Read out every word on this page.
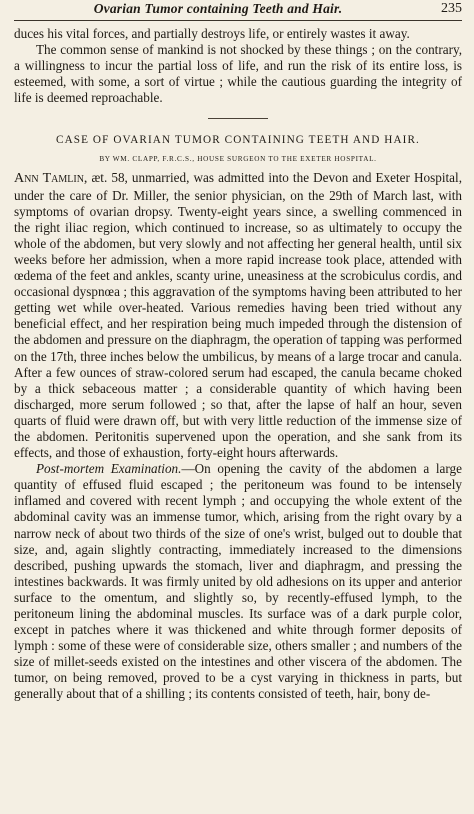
Ovarian Tumor containing Teeth and Hair.	235

duces his vital forces, and partially destroys life, or entirely wastes it away.

The common sense of mankind is not shocked by these things ; on the contrary, a willingness to incur the partial loss of life, and run the risk of its entire loss, is esteemed, with some, a sort of virtue ; while the cautious guarding the integrity of life is deemed reproachable.

CASE OF OVARIAN TUMOR CONTAINING TEETH AND HAIR.
BY WM. CLAPP, F.R.C.S., HOUSE SURGEON TO THE EXETER HOSPITAL.

Ann Tamlin, æt. 58, unmarried, was admitted into the Devon and Exeter Hospital, under the care of Dr. Miller, the senior physician, on the 29th of March last, with symptoms of ovarian dropsy. Twenty-eight years since, a swelling commenced in the right iliac region, which continued to increase, so as ultimately to occupy the whole of the abdomen, but very slowly and not affecting her general health, until six weeks before her admission, when a more rapid increase took place, attended with œdema of the feet and ankles, scanty urine, uneasiness at the scrobiculus cordis, and occasional dyspnœa ; this aggravation of the symptoms having been attributed to her getting wet while over-heated. Various remedies having been tried without any beneficial effect, and her respiration being much impeded through the distension of the abdomen and pressure on the diaphragm, the operation of tapping was performed on the 17th, three inches below the umbilicus, by means of a large trocar and canula. After a few ounces of straw-colored serum had escaped, the canula became choked by a thick sebaceous matter ; a considerable quantity of which having been discharged, more serum followed ; so that, after the lapse of half an hour, seven quarts of fluid were drawn off, but with very little reduction of the immense size of the abdomen. Peritonitis supervened upon the operation, and she sank from its effects, and those of exhaustion, forty-eight hours afterwards.

Post-mortem Examination.—On opening the cavity of the abdomen a large quantity of effused fluid escaped ; the peritoneum was found to be intensely inflamed and covered with recent lymph ; and occupying the whole extent of the abdominal cavity was an immense tumor, which, arising from the right ovary by a narrow neck of about two thirds of the size of one's wrist, bulged out to double that size, and, again slightly contracting, immediately increased to the dimensions described, pushing upwards the stomach, liver and diaphragm, and pressing the intestines backwards. It was firmly united by old adhesions on its upper and anterior surface to the omentum, and slightly so, by recently-effused lymph, to the peritoneum lining the abdominal muscles. Its surface was of a dark purple color, except in patches where it was thickened and white through former deposits of lymph : some of these were of considerable size, others smaller ; and numbers of the size of millet-seeds existed on the intestines and other viscera of the abdomen. The tumor, on being removed, proved to be a cyst varying in thickness in parts, but generally about that of a shilling ; its contents consisted of teeth, hair, bony de-
